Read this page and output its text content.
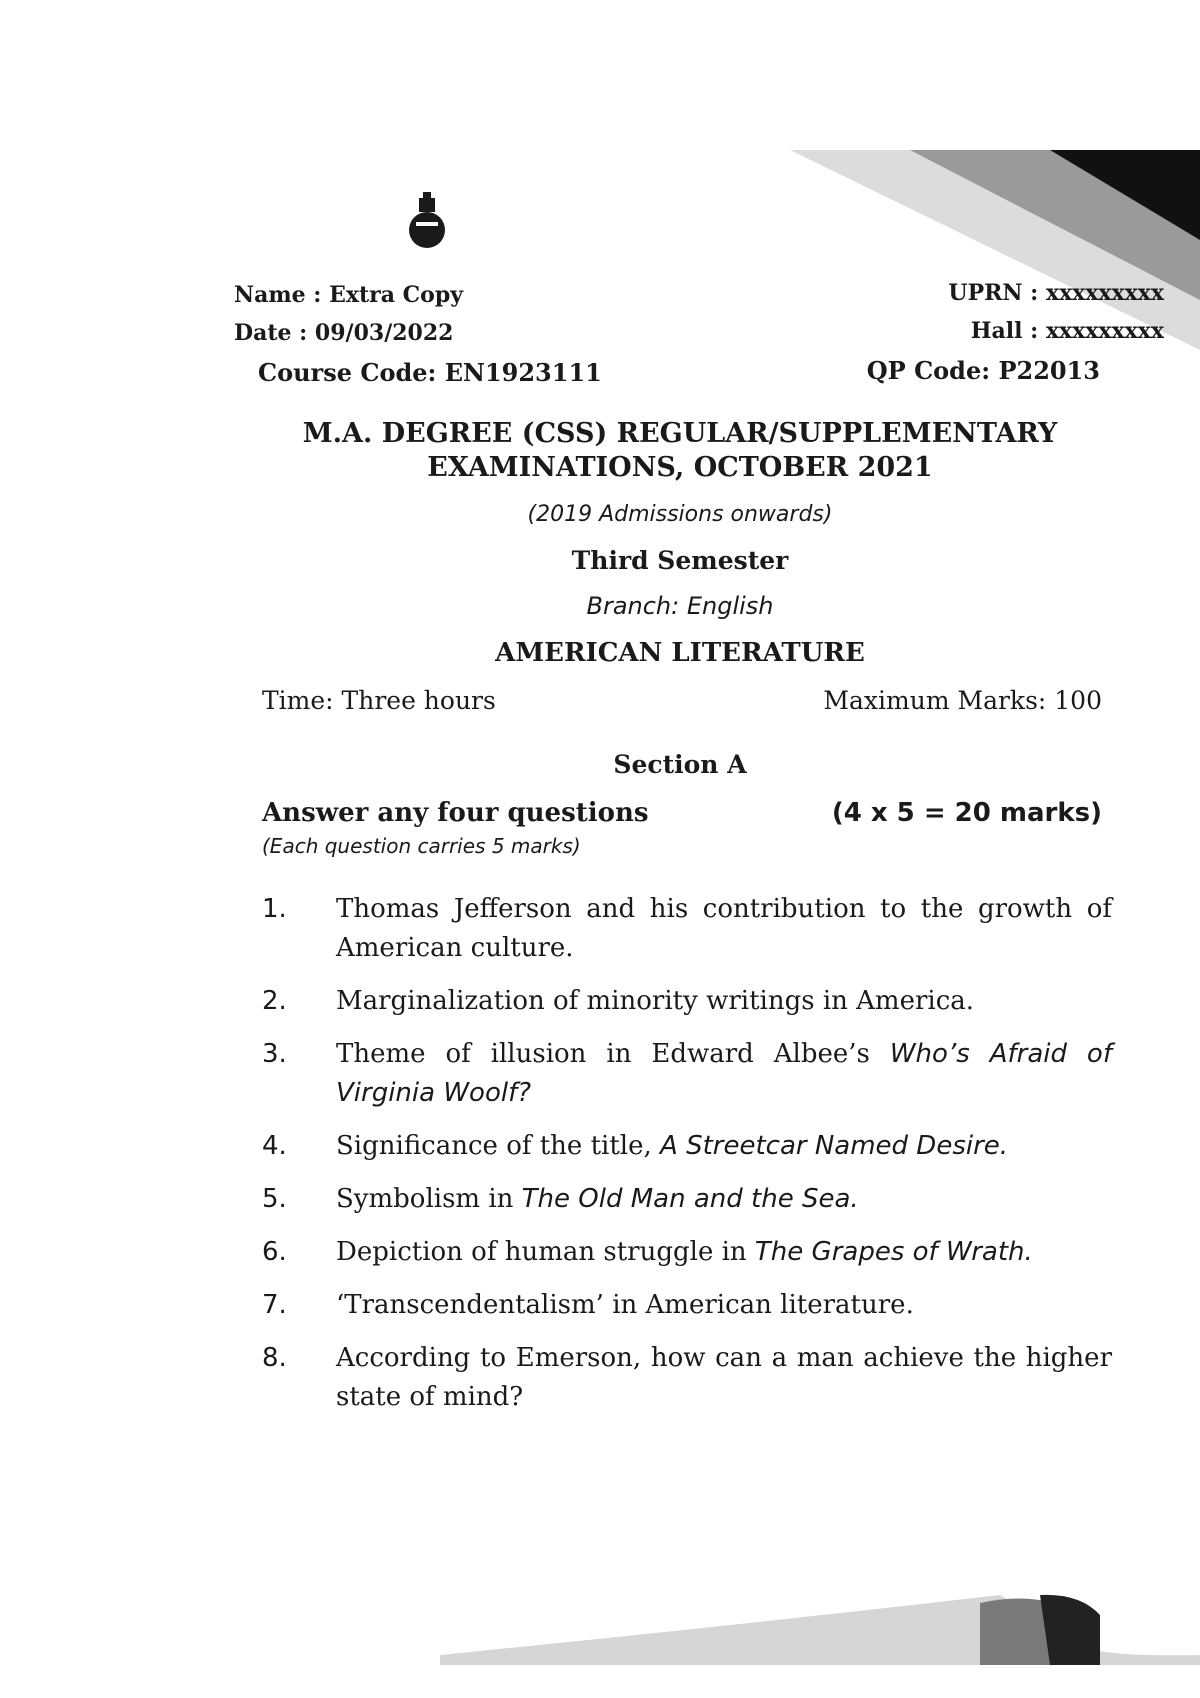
Name : Extra Copy
Date : 09/03/2022
Course Code: EN1923111
UPRN : xxxxxxxxx
Hall : xxxxxxxxx
QP Code: P22013
M.A. DEGREE (CSS) REGULAR/SUPPLEMENTARY
EXAMINATIONS, OCTOBER 2021
(2019 Admissions onwards)
Third Semester
Branch: English
AMERICAN LITERATURE
Time: Three hours	Maximum Marks: 100
Section A
Answer any four questions
(Each question carries 5 marks)
(4 x 5 = 20 marks)
1.	Thomas Jefferson and his contribution to the growth of American culture.
2.	Marginalization of minority writings in America.
3.	Theme of illusion in Edward Albee’s Who’s Afraid of Virginia Woolf?
4.	Significance of the title, A Streetcar Named Desire.
5.	Symbolism in The Old Man and the Sea.
6.	Depiction of human struggle in The Grapes of Wrath.
7.	‘Transcendentalism’ in American literature.
8.	According to Emerson, how can a man achieve the higher state of mind?
